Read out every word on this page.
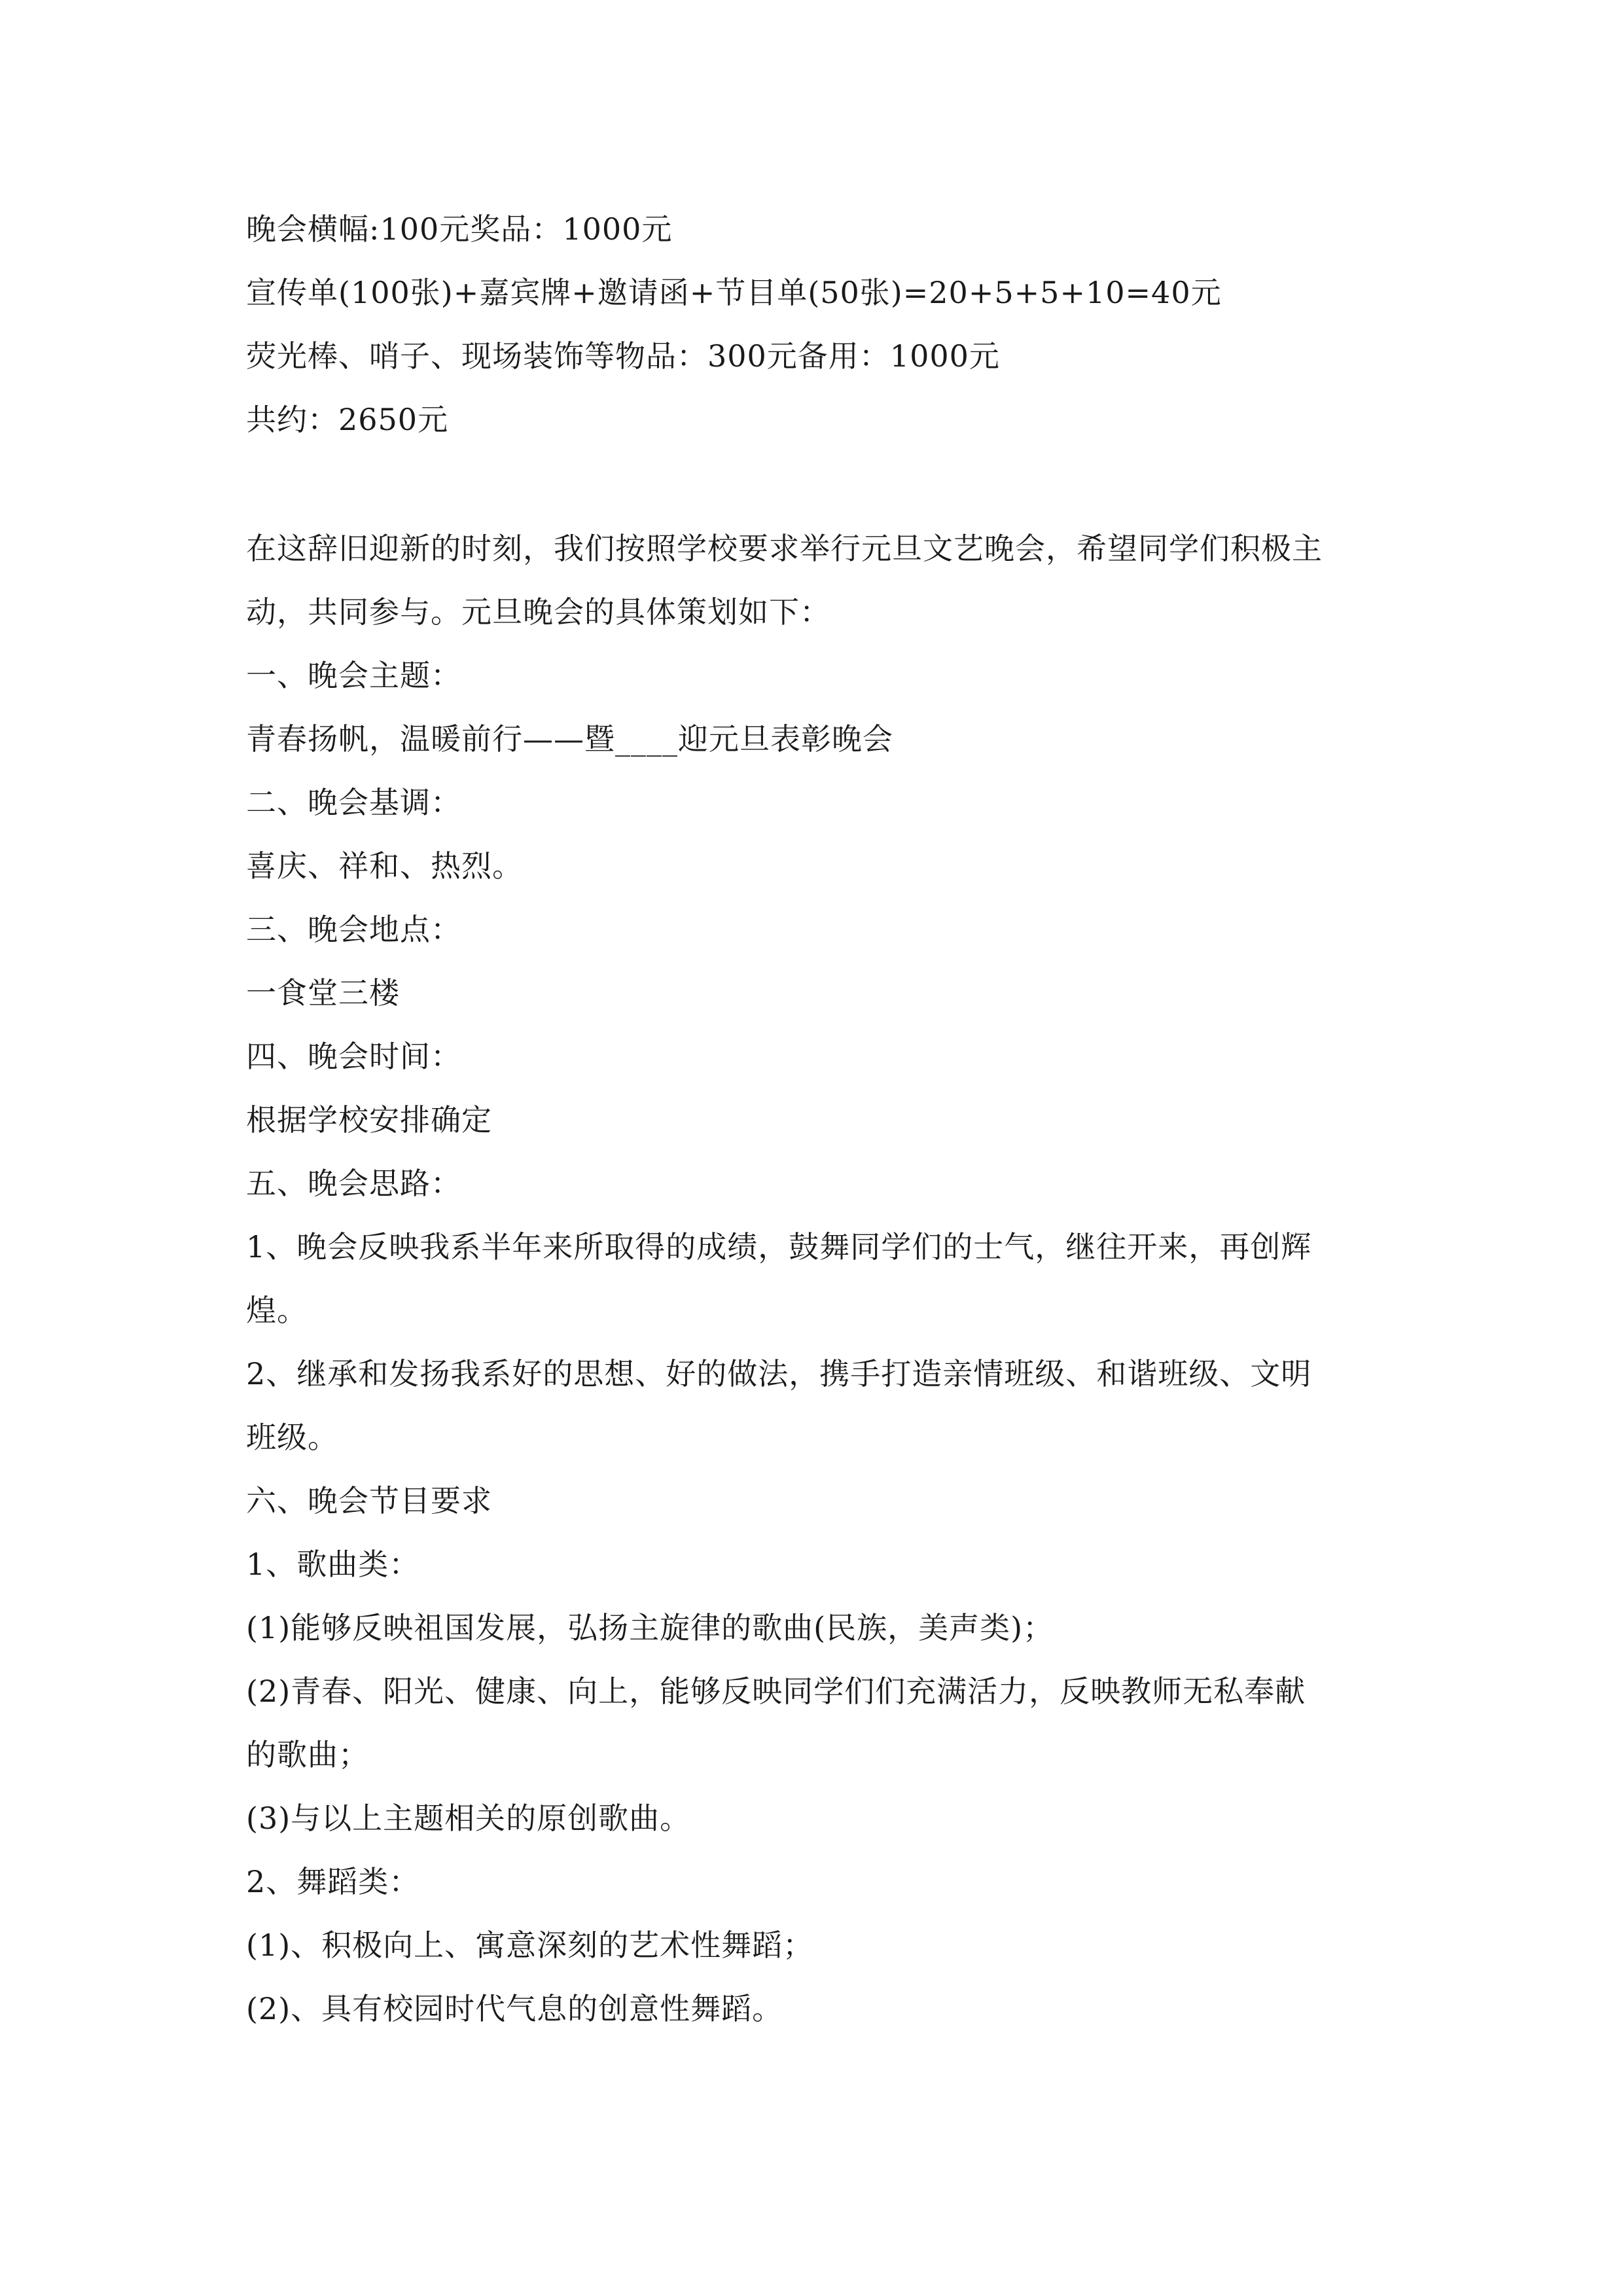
晚会横幅:100元奖品：1000元

宣传单(100张)+嘉宾牌+邀请函+节目单(50张)=20+5+5+10=40元

荧光棒、哨子、现场装饰等物品：300元备用：1000元

共约：2650元

在这辞旧迎新的时刻，我们按照学校要求举行元旦文艺晚会，希望同学们积极主

动，共同参与。元旦晚会的具体策划如下：

一、晚会主题：

青春扬帆，温暖前行——暨____迎元旦表彰晚会

二、晚会基调：

喜庆、祥和、热烈。

三、晚会地点：

一食堂三楼

四、晚会时间：

根据学校安排确定

五、晚会思路：

1、晚会反映我系半年来所取得的成绩，鼓舞同学们的士气，继往开来，再创辉

煌。

2、继承和发扬我系好的思想、好的做法，携手打造亲情班级、和谐班级、文明

班级。

六、晚会节目要求

1、歌曲类：

(1)能够反映祖国发展，弘扬主旋律的歌曲(民族，美声类)；

(2)青春、阳光、健康、向上，能够反映同学们们充满活力，反映教师无私奉献

的歌曲；

(3)与以上主题相关的原创歌曲。

2、舞蹈类：

(1)、积极向上、寓意深刻的艺术性舞蹈；

(2)、具有校园时代气息的创意性舞蹈。
